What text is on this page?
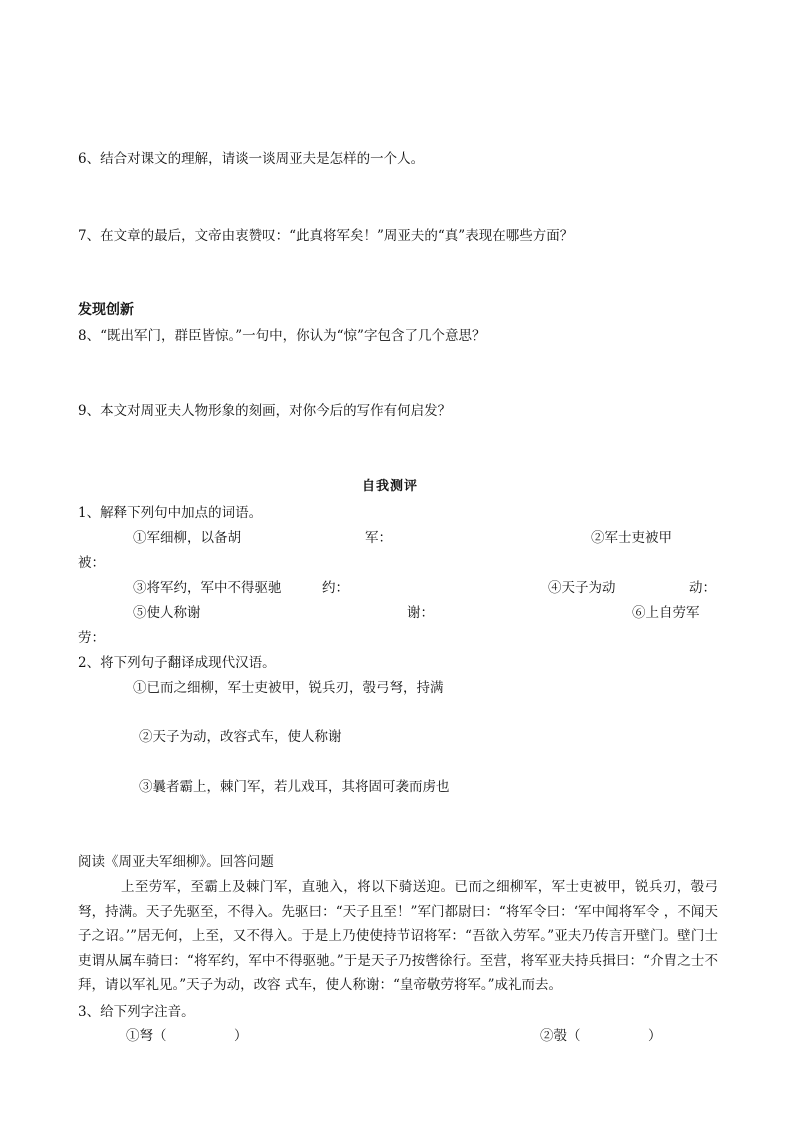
6、结合对课文的理解，请谈一谈周亚夫是怎样的一个人。
7、在文章的最后，文帝由衷赞叹：“此真将军矣！”周亚夫的“真”表现在哪些方面？
发现创新
8、“既出军门，群臣皆惊。”一句中，你认为“惊”字包含了几个意思？
9、本文对周亚夫人物形象的刻画，对你今后的写作有何启发？
自我测评
1、解释下列句中加点的词语。
①军细柳，以备胡	军：	②军士吏被甲
被：
③将军约，军中不得驱驰	约：	④天子为动	动：
⑤使人称谢	谢：	⑥上自劳军
劳：
2、将下列句子翻译成现代汉语。
①已而之细柳，军士吏被甲，锐兵刃，彀弓弩，持满
②天子为动，改容式车，使人称谢
③曩者霸上，棘门军，若儿戏耳，其将固可袭而虏也
阅读《周亚夫军细柳》。回答问题
上至劳军，至霸上及棘门军，直驰入，将以下骑送迎。已而之细柳军，军士吏被甲，锐兵刃，彀弓弩，持满。天子先驱至，不得入。先驱曰：“天子且至！”军门都尉曰：“将军令曰：‘军中闻将军令 ，不闻天子之诏。’”居无何，上至，又不得入。于是上乃使使持节诏将军：“吾欲入劳军。”亚夫乃传言开壁门。壁门士吏谓从属车骑曰：“将军约，军中不得驱驰。”于是天子乃按辔徐行。至营，将军亚夫持兵揖曰：“介胄之士不拜，请以军礼见。”天子为动，改容 式车，使人称谢：“皇帝敬劳将军。”成礼而去。
3、给下列字注音。
①弩（　　　　　）	②彀（　　　　　）
